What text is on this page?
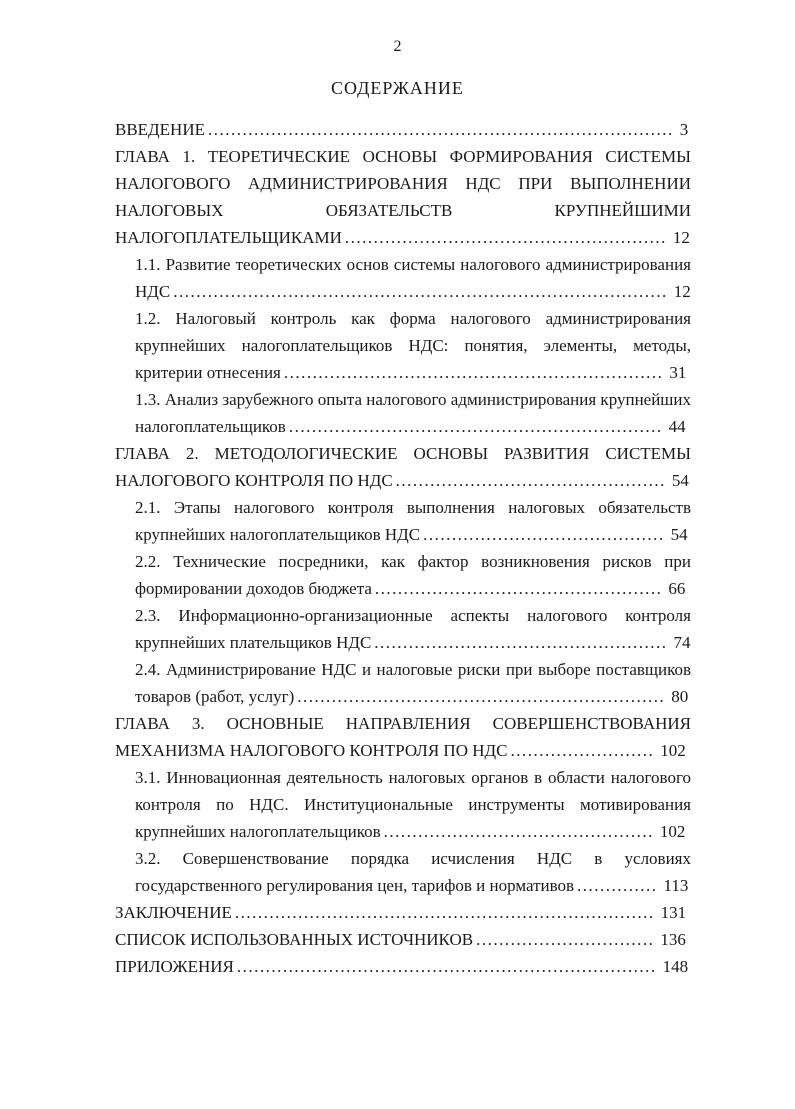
2
СОДЕРЖАНИЕ

ВВЕДЕНИЕ ................................................................................. 3

ГЛАВА 1. ТЕОРЕТИЧЕСКИЕ ОСНОВЫ ФОРМИРОВАНИЯ СИСТЕМЫ НАЛОГОВОГО АДМИНИСТРИРОВАНИЯ НДС ПРИ ВЫПОЛНЕНИИ НАЛОГОВЫХ ОБЯЗАТЕЛЬСТВ КРУПНЕЙШИМИ НАЛОГОПЛАТЕЛЬЩИКАМИ ........................................................ 12

1.1. Развитие теоретических основ системы налогового администрирования НДС ...................................................................................... 12

1.2. Налоговый контроль как форма налогового администрирования крупнейших налогоплательщиков НДС: понятия, элементы, методы, критерии отнесения .................................................................. 31

1.3. Анализ зарубежного опыта налогового администрирования крупнейших налогоплательщиков ................................................................. 44

ГЛАВА 2. МЕТОДОЛОГИЧЕСКИЕ ОСНОВЫ РАЗВИТИЯ СИСТЕМЫ НАЛОГОВОГО КОНТРОЛЯ ПО НДС ............................................... 54

2.1. Этапы налогового контроля выполнения налоговых обязательств крупнейших налогоплательщиков НДС .......................................... 54

2.2. Технические посредники, как фактор возникновения рисков при формировании доходов бюджета .................................................. 66

2.3. Информационно-организационные аспекты налогового контроля крупнейших плательщиков НДС ................................................... 74

2.4. Администрирование НДС и налоговые риски при выборе поставщиков товаров (работ, услуг) ................................................................ 80

ГЛАВА 3. ОСНОВНЫЕ НАПРАВЛЕНИЯ СОВЕРШЕНСТВОВАНИЯ МЕХАНИЗМА НАЛОГОВОГО КОНТРОЛЯ ПО НДС ......................... 102

3.1. Инновационная деятельность налоговых органов в области налогового контроля по НДС. Институциональные инструменты мотивирования крупнейших налогоплательщиков ............................................... 102

3.2. Совершенствование порядка исчисления НДС в условиях государственного регулирования цен, тарифов и нормативов .............. 113

ЗАКЛЮЧЕНИЕ ......................................................................... 131

СПИСОК ИСПОЛЬЗОВАННЫХ ИСТОЧНИКОВ ............................... 136

ПРИЛОЖЕНИЯ ......................................................................... 148
